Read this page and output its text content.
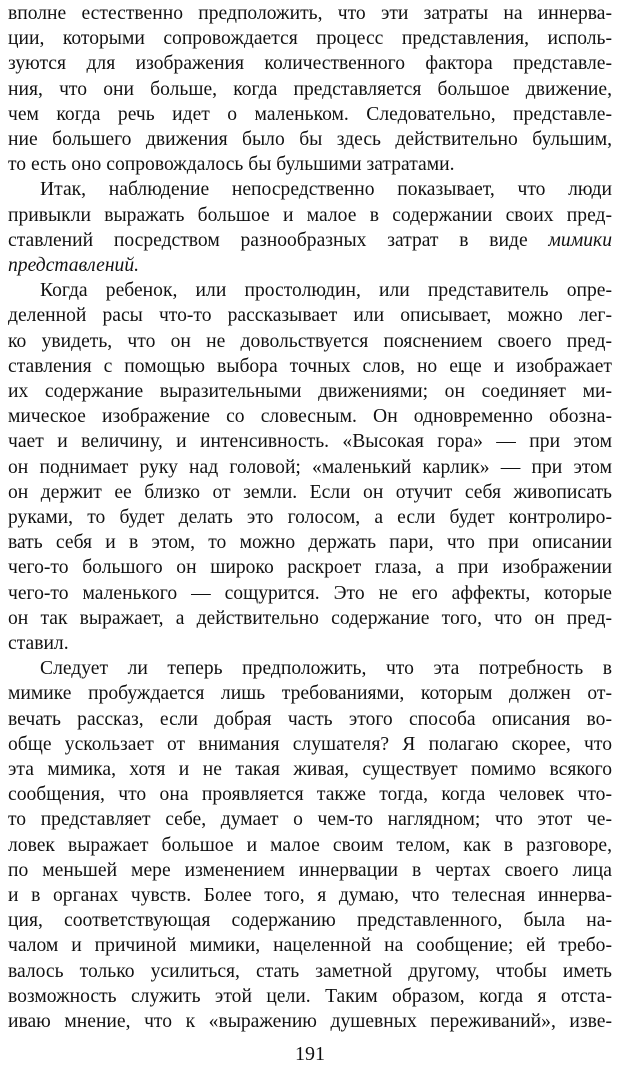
вполне естественно предположить, что эти затраты на иннерва-
ции, которыми сопровождается процесс представления, исполь-
зуются для изображения количественного фактора представле-
ния, что они больше, когда представляется большое движение,
чем когда речь идет о маленьком. Следовательно, представле-
ние большего движения было бы здесь действительно бульшим,
то есть оно сопровождалось бы бульшими затратами.
Итак, наблюдение непосредственно показывает, что люди
привыкли выражать большое и малое в содержании своих пред-
ставлений посредством разнообразных затрат в виде мимики
представлений.
Когда ребенок, или простолюдин, или представитель опре-
деленной расы что-то рассказывает или описывает, можно лег-
ко увидеть, что он не довольствуется пояснением своего пред-
ставления с помощью выбора точных слов, но еще и изображает
их содержание выразительными движениями; он соединяет ми-
мическое изображение со словесным. Он одновременно обозна-
чает и величину, и интенсивность. «Высокая гора» — при этом
он поднимает руку над головой; «маленький карлик» — при этом
он держит ее близко от земли. Если он отучит себя живописать
руками, то будет делать это голосом, а если будет контролиро-
вать себя и в этом, то можно держать пари, что при описании
чего-то большого он широко раскроет глаза, а при изображении
чего-то маленького — сощурится. Это не его аффекты, которые
он так выражает, а действительно содержание того, что он пред-
ставил.
Следует ли теперь предположить, что эта потребность в
мимике пробуждается лишь требованиями, которым должен от-
вечать рассказ, если добрая часть этого способа описания во-
обще ускользает от внимания слушателя? Я полагаю скорее, что
эта мимика, хотя и не такая живая, существует помимо всякого
сообщения, что она проявляется также тогда, когда человек что-
то представляет себе, думает о чем-то наглядном; что этот че-
ловек выражает большое и малое своим телом, как в разговоре,
по меньшей мере изменением иннервации в чертах своего лица
и в органах чувств. Более того, я думаю, что телесная иннерва-
ция, соответствующая содержанию представленного, была на-
чалом и причиной мимики, нацеленной на сообщение; ей требо-
валось только усилиться, стать заметной другому, чтобы иметь
возможность служить этой цели. Таким образом, когда я отста-
иваю мнение, что к «выражению душевных переживаний», изве-
191
